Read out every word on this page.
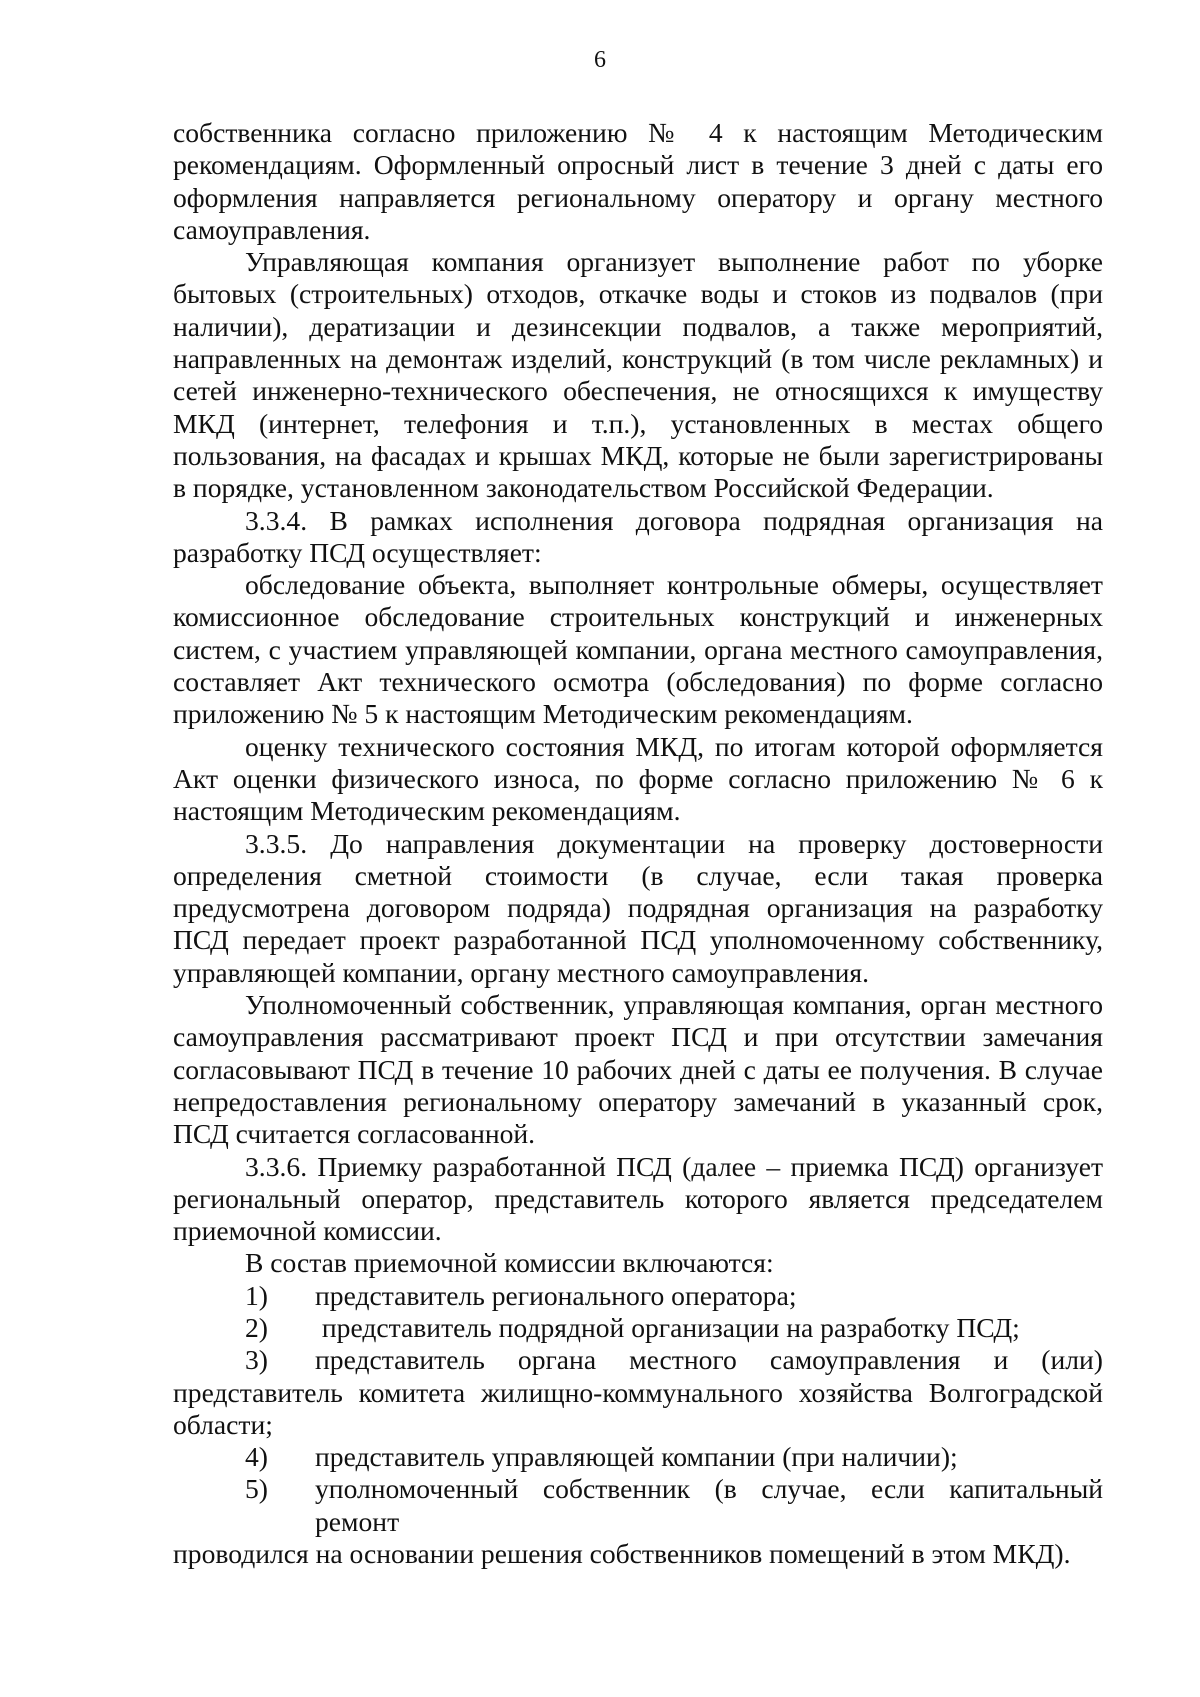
6

собственника согласно приложению № 4 к настоящим Методическим рекомендациям. Оформленный опросный лист в течение 3 дней с даты его оформления направляется региональному оператору и органу местного самоуправления.

Управляющая компания организует выполнение работ по уборке бытовых (строительных) отходов, откачке воды и стоков из подвалов (при наличии), дератизации и дезинсекции подвалов, а также мероприятий, направленных на демонтаж изделий, конструкций (в том числе рекламных) и сетей инженерно-технического обеспечения, не относящихся к имуществу МКД (интернет, телефония и т.п.), установленных в местах общего пользования, на фасадах и крышах МКД, которые не были зарегистрированы в порядке, установленном законодательством Российской Федерации.

3.3.4. В рамках исполнения договора подрядная организация на разработку ПСД осуществляет:

обследование объекта, выполняет контрольные обмеры, осуществляет комиссионное обследование строительных конструкций и инженерных систем, с участием управляющей компании, органа местного самоуправления, составляет Акт технического осмотра (обследования) по форме согласно приложению № 5 к настоящим Методическим рекомендациям.

оценку технического состояния МКД, по итогам которой оформляется Акт оценки физического износа, по форме согласно приложению № 6 к настоящим Методическим рекомендациям.

3.3.5. До направления документации на проверку достоверности определения сметной стоимости (в случае, если такая проверка предусмотрена договором подряда) подрядная организация на разработку ПСД передает проект разработанной ПСД уполномоченному собственнику, управляющей компании, органу местного самоуправления.

Уполномоченный собственник, управляющая компания, орган местного самоуправления рассматривают проект ПСД и при отсутствии замечания согласовывают ПСД в течение 10 рабочих дней с даты ее получения. В случае непредоставления региональному оператору замечаний в указанный срок, ПСД считается согласованной.

3.3.6. Приемку разработанной ПСД (далее – приемка ПСД) организует региональный оператор, представитель которого является председателем приемочной комиссии.

В состав приемочной комиссии включаются:

1)	представитель регионального оператора;
2)	представитель подрядной организации на разработку ПСД;
3)	представитель органа местного самоуправления и (или)

представитель комитета жилищно-коммунального хозяйства Волгоградской области;

4)	представитель управляющей компании (при наличии);
5)	уполномоченный собственник (в случае, если капитальный ремонт

проводился на основании решения собственников помещений в этом МКД).
